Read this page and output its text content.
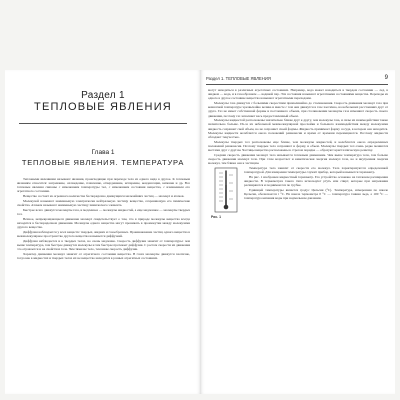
Раздел 1
ТЕПЛОВЫЕ ЯВЛЕНИЯ
Глава 1
ТЕПЛОВЫЕ ЯВЛЕНИЯ. ТЕМПЕРАТУРА

Тепловыми явлениями называют явления, происходящие при переходе тела из одного вида в другое. К тепловым явлениям относятся: нагревание, охлаждение, плавление, отвердевание, испарение, конденсация, кипение и др. Все тепловые явления связаны с изменением температуры тел, с изменением состояния вещества, с изменением его агрегатного состояния.

Вещество состоит из огромного количества беспорядочно движущихся мельчайших частиц — молекул и атомов.

Молекулой называют наименьшую электрически нейтральную частицу вещества, сохраняющую его химические свойства. Атомом называют наименьшую частицу химического элемента.

Быстрее всего движутся молекулы газа, и медленнее — молекулы жидкостей, а еще медленнее — молекулы твердых тел.

Вечное, непрекращающееся движение молекул свидетельствует о том, что в природе молекулы вещества всегда находятся в беспорядочном движении. Молекулы одного вещества могут проникать в промежутки между молекулами другого вещества.

Диффузия наблюдается у всех веществ: твердых, жидких и газообразных. Проникновение частиц одного вещества в межмолекулярное пространство другого вещества называется диффузией.

Диффузия наблюдается и в твердых телах, но очень медленно. Скорость диффузии зависит от температуры: чем выше температура, тем быстрее движутся молекулы и тем быстрее протекает диффузия. С ростом скорости их движения это отражается и на свойствах тела. Чем тяжелее тело, тем ниже скорость диффузии.

Характер движения молекул зависит от агрегатного состояния вещества. В газах молекулы движутся хаотично, тогда как в жидкостях и твердых телах их не вещество находится в разных агрегатных состояниях.

Раздел 1. ТЕПЛОВЫЕ ЯВЛЕНИЯ	9

могут находиться в различных агрегатных состояниях. Например, вода может находиться в твердом состоянии — лед, в жидком — вода, и в газообразном — водяной пар. Эти состояния называют агрегатными состояниями вещества. Переходы из одного в другое состояние вещества называют агрегатными переходами.

Молекулы газа движутся с большими скоростями прямолинейно до столкновения. Скорость движения молекул газа при комнатной температуре чрезвычайно велика и вместе с тем они движутся в газе хаотично, на небольших расстояниях друг от друга. Газ не имеет собственной формы и постоянного объема, при столкновении молекулы газа изменяют скорость своего движения, поэтому газ заполняет весь предоставленный объем.

Молекулы жидкостей расположены значительно ближе друг к другу, чем молекулы газа, и силы их взаимодействия также значительно больше. Из-за их небольшой межмолекулярной прослойки и большого взаимодействия между молекулами жидкость сохраняет свой объем, но не сохраняет своей формы. Жидкость принимает форму сосуда, в котором она находится. Молекулы жидкости колеблются около положений равновесия и время от времени перемещаются. Поэтому жидкости обладают текучестью.

Молекулы твердых тел расположены еще ближе, чем молекулы жидкостей, и колеблются около определенных положений равновесия. Поэтому твердые тела сохраняют и форму, и объем. Молекулы твердых тел очень редко меняются местами друг с другом. Частицы вещества расположены в строгом порядке — образуют кристаллическую решетку.

Средняя скорость движения молекул тела называется тепловым движением. Чем выше температура тела, тем больше скорость движения молекул тела. При этом возрастает и кинетическая энергия молекул тела, но и внутренняя энергия молекул, тем ближе она к частицам.

Рис. 1

Температура тела зависит от скорости его молекул. Тела характеризуются определенной температурой. Для измерения температуры служит прибор, который называется термометр.

На рис. 1 изображен жидкостный термометр. Его устройство основано на тепловом расширении жидкости. В термометрах такого типа используют ртуть или спирт, которые при нагревании расширяются и поднимаются по трубке.

Единицей температуры является градус Цельсия (°С). Температура, измеренная по шкале Цельсия, обозначается t °С. На шкале термометра 0 °С — температура таяния льда, а 100 °С — температура кипения воды при нормальном давлении.
